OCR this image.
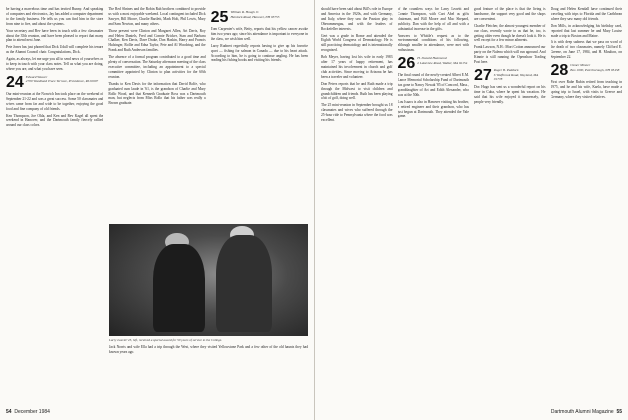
be having a marvelous time and has invited Bunny. And speaking of computers and electronics, Jay has added a computer department to the family business. He tells us you can find him in the store from nine to five, and about the systems.

Your secretary and Bev have been in touch with a few classmates about the 35th reunion, and have been pleased to report that many plan to attend next June.

Pete Jones has just phoned that Dick Udall will complete his tenure as the Alumni Council chair. Congratulations, Dick.

Again, as always, let me urge you all to send news of yourselves or to keep in touch with your class notes. Tell us what you are doing, where you are, and what you have seen.

24 Edward Weaver
2700 Woodland Trace Terrace, Providence, RI 02907

Our mini-reunion at the Norwich Inn took place on the weekend of September 21-22 and was a great success. Some 50 classmates and wives came from far and wide to be together, enjoying the good food and fine company of old friends.

Ken Thompson, Joe Ohla, and Ken and Bev Kagel all spent the weekend in Hanover, and the Dartmouth family fiercely rallied around our class colors.

The Red Shrines and the Robin Rah brothers combined to provide us with a most enjoyable weekend. Local contingent included Dick Sawyer, Bill Moore, Charlie Bartlett, Mark Holt, Phil Lewis, Mary and Sam Newton, and many others.

Those present were Clinton and Margaret Allen, Art Davis, Roy and Helen Daniels, Fred and Connie Bricker, Stan and Barbara Chalker, Ken Davis, Dave Drake, Don Haskin, Harry and Francis Hulsinger, Rollie and Edna Taylor, Pete and Al Woodring, and the Frank and Ruth Anderson families.

The absence of a formal program contributed to a good time and plenty of conversation. The Saturday afternoon meeting of the class executive committee, including an appointment to a special committee appointed by Clinton to plan activities for the 60th reunion.

Thanks to Ken Davis for the information that David Rolfe, who graduated cum laude in '61, is the grandson of Charlie and Mary Rollo Wood, and that Kenneth Graduate Ross was a Dartmouth man, but neglects from Miss Rollo that his father was really a Brown graduate.

25 William R. Hough Jr.
Hemlock Road, Hanover, NH 03755

Tom Carpenter's wife, Betty, reports that his yellow cancer awoke him two years ago; since his attendance is important to everyone in the class, we wish him well.

Larry Rudnert regretfully reports having to give up his favorite sport — fishing for salmon in Canada — due to his heart attack. According to him, he is going to continue angling. He has been reading his fishing books and visiting his friends.

Larry Leavitt '25, left, received a special award for 50 years of service to the College.

Jack Norris and wife Ella had a trip through the West, where they visited Yellowstone Park and a few other of the old haunts they had known years ago.

54 December 1984

should have been said about Bill's role in Europe and America in the 1920s, and with Germany, and Italy, where they saw the Passion play in Oberammergau, and with the leaders of Rockefeller interests.

Gert was a grade in Rome and attended the Eighth World Congress of Dermatology. He is still practicing dermatology and is internationally recognized.

Bob Meyer, having lost his wife in early 1983 after 17 years of happy retirement, has maintained his involvement in church and golf club activities. Since moving to Arizona he has been a traveler and volunteer.

Don Peters reports that he and Ruth made a trip through the Midwest to visit children and grandchildren and friends. Ruth has been playing a bit of golf, doing well.

The 25 mini-reunion in September brought us 18 classmates and wives who suffered through the 25-hour ride to Pennsylvania where the food was excellent.

of the countless ways for Larry Leavitt and Connie Thompson, with Curt Abel as gifts chairman, and Bill Moore and Mac Shepard, publicity. Dan with the help of all and with a substantial increase in the gifts.

Answers to Whittle's request as to the environmental conditions of his following, although smaller in attendance, were met with enthusiasm.

26 H. Donald Hammond
2 Lakeview Road, Walker, MA 02154

The final round of the newly-created Albert E.M. Lance Memorial Scholarship Fund of Dartmouth has gone to Nancy Nowak '85 of Concord, Mass., granddaughter of Art and Edith Alexander, who was at the 50th.

Lou Isaacs is also in Hanover visiting his brother, a retired engineer and their grandson, who has just begun at Dartmouth. They attended the Yale game.

good feature of the place is that the living is handsome, the support very good and the shops are convenient.

Charlie Fletcher, the almost-youngest member of our class, recently wrote to us that he, too, is getting older even though he doesn't look it. He is well except for a few minor ailments.

Frank Lawson, N.H.: Mort Cotton announced our party on the Nalena which will run aground. And Kinnie is still running the Openshaw Trading Post here.

27 Roger B. Paddock
6 Wolfbrook Road, Wayland, MA 01778

Doc Hugo has sent us a wonderful report on his time in Cuba, where he spent his vacation. He said that his wife enjoyed it immensely, the people very friendly.

Doug and Helen Kendall have continued their traveling with trips to Florida and the Caribbean where they saw many old friends.

Don Mills, in acknowledging his birthday card, reported that last summer he and Mary Louise made a trip to Boston and Maine.

It is with deep sadness that we pass on word of the death of two classmates, namely Clifford E. Greene, on June 17, 1984, and H. Moulton, on September 22.

28 Osmer Minner
Box 1000, Peterborough, NH 03458

First over Rube Rubin retired from teaching in 1975, and he and his wife, Kaela, have made a spring trip to Israel, with visits to Greece and Germany, where they visited relatives.

Dartmouth Alumni Magazine 55
